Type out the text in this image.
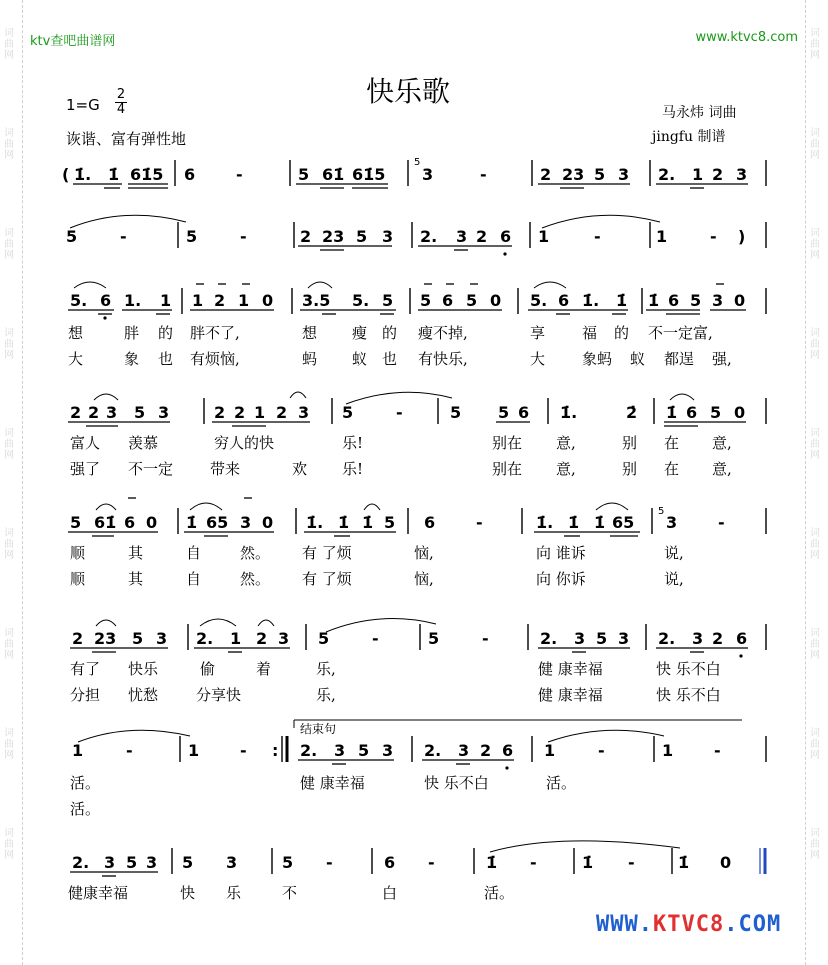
词曲网
词曲网
词曲网
词曲网
词曲网
词曲网
词曲网
词曲网
词曲网
词曲网
词曲网
词曲网
词曲网
词曲网
词曲网
词曲网
词曲网
词曲网
ktv查吧曲谱网	www.ktvc8.com
快乐歌
$1=G \frac{2}{4}$
诙谐、富有弹性地
马永炜 词曲
jingfu 制谱
( 1̇. 1̇ 61̇5 6	-	5 61̇ 61̇5
5
3	-	2 23 5 3 2. 1 2 3
5	-	5	-	2 23 5 3 2. 3 2 6 1	-	1	- )
5. 6 1. 1 1 2 1 0 3.5 5. 5 5 6 5 0 5. 6 1̇. 1̇ 1̇ 6 5 3 0
想	胖 的 胖不了,	想 瘦 的 瘦不掉,	享 福 的 不一定富,
大	象 也 有烦恼,	蚂 蚁 也 有快乐,	大 象蚂 蚁 都逞 强,
2 2 3 5 3	2 2 1 2 3 5	-	5 5 6 1̇.	2̇ 1̇ 6 5 0
富人 羡慕	穷人的快	乐!	别在 意,	别 在 意,
强了 不一定 带来	欢 乐!	别在 意,	别 在 意,
5 61̇ 6 0 1̇ 65 3 0 1̇. 1̇ 1̇ 5 6	-	1̇. 1̇ 1̇ 65
5
3	-
顺	其	自	然。 有 了烦	恼,	向 谁诉	说,
顺	其	自	然。 有 了烦	恼,	向 你诉	说,
2 23 5 3 2. 1 2 3 5	-	5	-	2. 3 5 3 2. 3 2 6
有了 快乐	偷	着	乐,	健 康幸福	快 乐不白
分担 忧愁	分享快	乐,	健 康幸福	快 乐不白
1	-	1	- :
结束句
2. 3 5 3 2. 3 2 6 1	-	1	-
活。	健 康幸福	快 乐不白	活。
活。
2. 3 5 3 5 3	5 -	6 -	1̇ -	1̇ -	1̇ 0
健康幸福	快 乐	不	白	活。
WWW.KTVC8.COM
